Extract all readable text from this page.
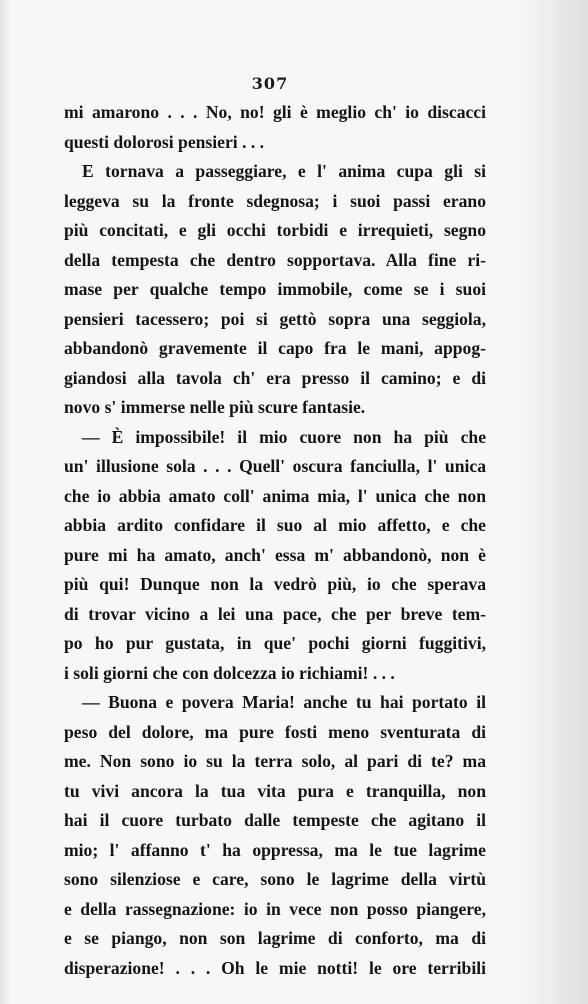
307
mi amarono . . . No, no! gli è meglio ch' io discacci
questi dolorosi pensieri . . .
E tornava a passeggiare, e l' anima cupa gli si
leggeva su la fronte sdegnosa; i suoi passi erano
più concitati, e gli occhi torbidi e irrequieti, segno
della tempesta che dentro sopportava. Alla fine ri-
mase per qualche tempo immobile, come se i suoi
pensieri tacessero; poi si gettò sopra una seggiola,
abbandonò gravemente il capo fra le mani, appog-
giandosi alla tavola ch' era presso il camino; e di
novo s' immerse nelle più scure fantasie.
— È impossibile! il mio cuore non ha più che
un' illusione sola . . . Quell' oscura fanciulla, l' unica
che io abbia amato coll' anima mia, l' unica che non
abbia ardito confidare il suo al mio affetto, e che
pure mi ha amato, anch' essa m' abbandonò, non è
più qui! Dunque non la vedrò più, io che sperava
di trovar vicino a lei una pace, che per breve tem-
po ho pur gustata, in que' pochi giorni fuggitivi,
i soli giorni che con dolcezza io richiami! . . .
— Buona e povera Maria! anche tu hai portato il
peso del dolore, ma pure fosti meno sventurata di
me. Non sono io su la terra solo, al pari di te? ma
tu vivi ancora la tua vita pura e tranquilla, non
hai il cuore turbato dalle tempeste che agitano il
mio; l' affanno t' ha oppressa, ma le tue lagrime
sono silenziose e care, sono le lagrime della virtù
e della rassegnazione: io in vece non posso piangere,
e se piango, non son lagrime di conforto, ma di
disperazione! . . . Oh le mie notti! le ore terribili
